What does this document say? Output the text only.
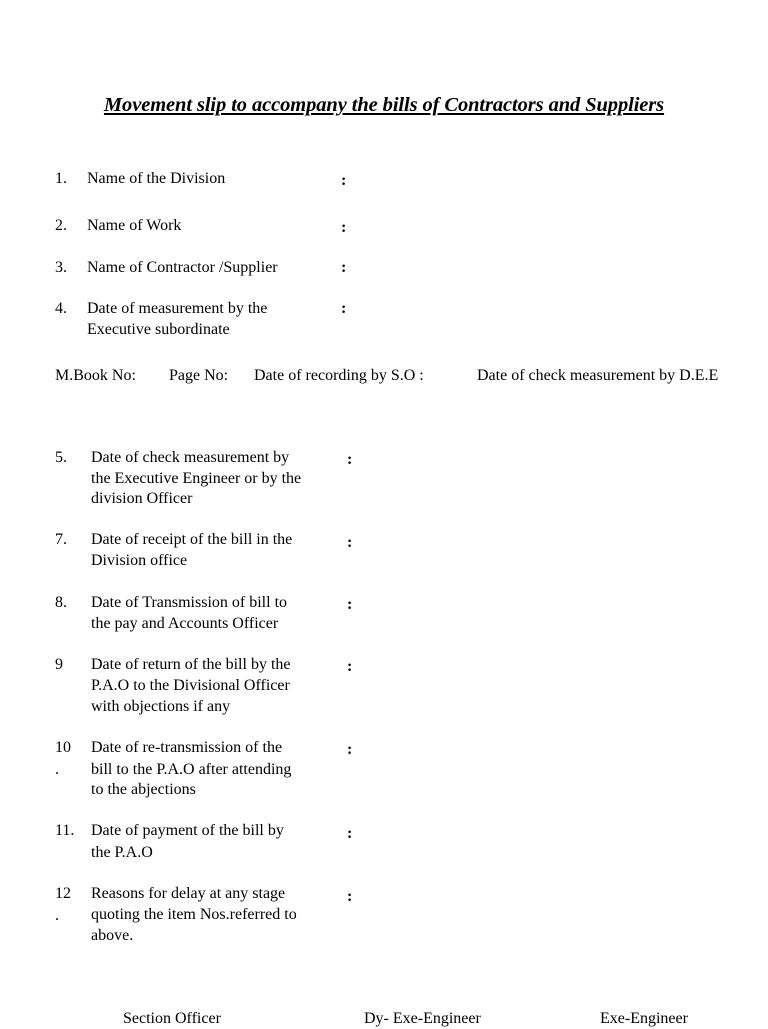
Movement slip to accompany the bills of Contractors and Suppliers
1. Name of the Division	:
2. Name of Work	:
3. Name of Contractor /Supplier	:
4. Date of measurement by the
Executive subordinate
:
M.Book No: Page No: Date of recording by S.O :	Date of check measurement by D.E.E
5. Date of check measurement by
the Executive Engineer or by the
division Officer
:
7. Date of receipt of the bill in the
Division office
:
8. Date of Transmission of bill to
the pay and Accounts Officer
:
9 Date of return of the bill by the
P.A.O to the Divisional Officer
with objections if any
:
10
.
Date of re-transmission of the
bill to the P.A.O after attending
to the abjections
:
11. Date of payment of the bill by
the P.A.O
:
12
.
Reasons for delay at any stage
quoting the item Nos.referred to
above.
:
Section Officer	Dy- Exe-Engineer	Exe-Engineer
